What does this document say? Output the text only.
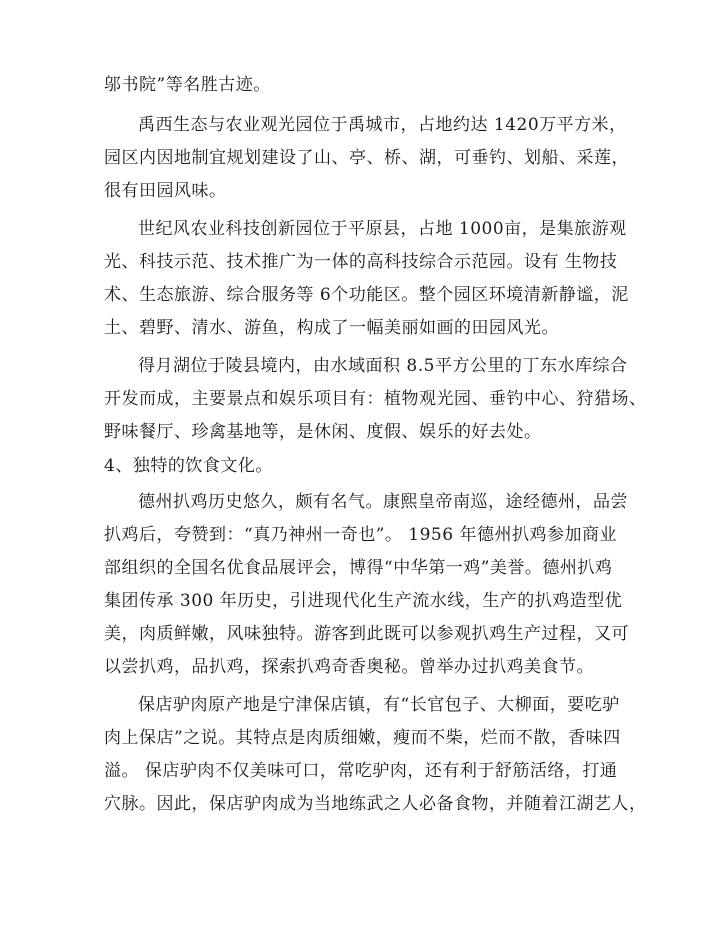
邬书院”等名胜古迹。
禹西生态与农业观光园位于禹城市，占地约达 1420万平方米，
园区内因地制宜规划建设了山、亭、桥、湖，可垂钓、划船、采莲，
很有田园风味。
世纪风农业科技创新园位于平原县，占地 1000亩，是集旅游观
光、科技示范、技术推广为一体的高科技综合示范园。设有 生物技
术、生态旅游、综合服务等 6个功能区。整个园区环境清新静谧，泥
土、碧野、清水、游鱼，构成了一幅美丽如画的田园风光。
得月湖位于陵县境内，由水域面积 8.5平方公里的丁东水库综合
开发而成，主要景点和娱乐项目有：植物观光园、垂钓中心、狩猎场、
野味餐厅、珍禽基地等，是休闲、度假、娱乐的好去处。
4、独特的饮食文化。
德州扒鸡历史悠久，颇有名气。康熙皇帝南巡，途经德州，品尝
扒鸡后，夸赞到：“真乃神州一奇也”。 1956 年德州扒鸡参加商业
部组织的全国名优食品展评会，博得“中华第一鸡”美誉。德州扒鸡
集团传承 300 年历史，引进现代化生产流水线，生产的扒鸡造型优
美，肉质鲜嫩，风味独特。游客到此既可以参观扒鸡生产过程，又可
以尝扒鸡，品扒鸡，探索扒鸡奇香奥秘。曾举办过扒鸡美食节。
保店驴肉原产地是宁津保店镇，有“长官包子、大柳面，要吃驴
肉上保店”之说。其特点是肉质细嫩，瘦而不柴，烂而不散，香味四
溢。 保店驴肉不仅美味可口，常吃驴肉，还有利于舒筋活络，打通
穴脉。因此，保店驴肉成为当地练武之人必备食物，并随着江湖艺人，
